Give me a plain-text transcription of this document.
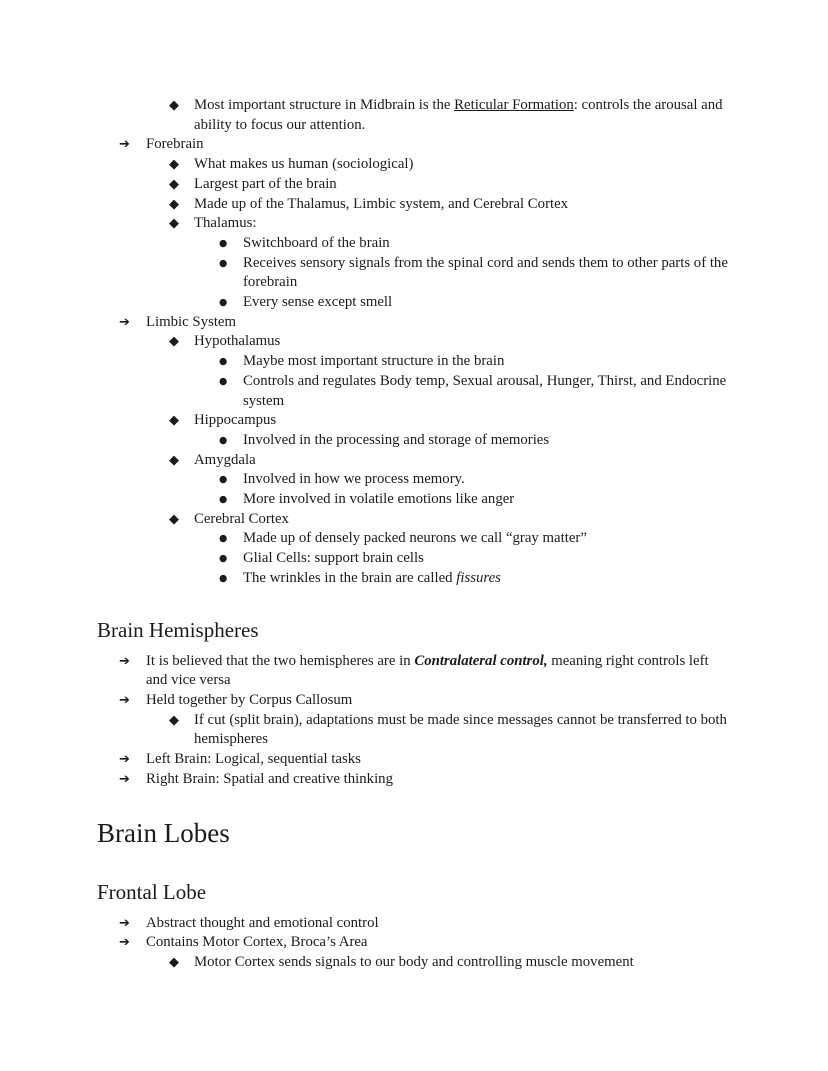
◆ Most important structure in Midbrain is the Reticular Formation: controls the arousal and ability to focus our attention.
➔ Forebrain
◆ What makes us human (sociological)
◆ Largest part of the brain
◆ Made up of the Thalamus, Limbic system, and Cerebral Cortex
◆ Thalamus:
● Switchboard of the brain
● Receives sensory signals from the spinal cord and sends them to other parts of the forebrain
● Every sense except smell
➔ Limbic System
◆ Hypothalamus
● Maybe most important structure in the brain
● Controls and regulates Body temp, Sexual arousal, Hunger, Thirst, and Endocrine system
◆ Hippocampus
● Involved in the processing and storage of memories
◆ Amygdala
● Involved in how we process memory.
● More involved in volatile emotions like anger
◆ Cerebral Cortex
● Made up of densely packed neurons we call “gray matter”
● Glial Cells: support brain cells
● The wrinkles in the brain are called fissures
Brain Hemispheres
➔ It is believed that the two hemispheres are in Contralateral control, meaning right controls left and vice versa
➔ Held together by Corpus Callosum
◆ If cut (split brain), adaptations must be made since messages cannot be transferred to both hemispheres
➔ Left Brain: Logical, sequential tasks
➔ Right Brain: Spatial and creative thinking
Brain Lobes
Frontal Lobe
➔ Abstract thought and emotional control
➔ Contains Motor Cortex, Broca’s Area
◆ Motor Cortex sends signals to our body and controlling muscle movement
